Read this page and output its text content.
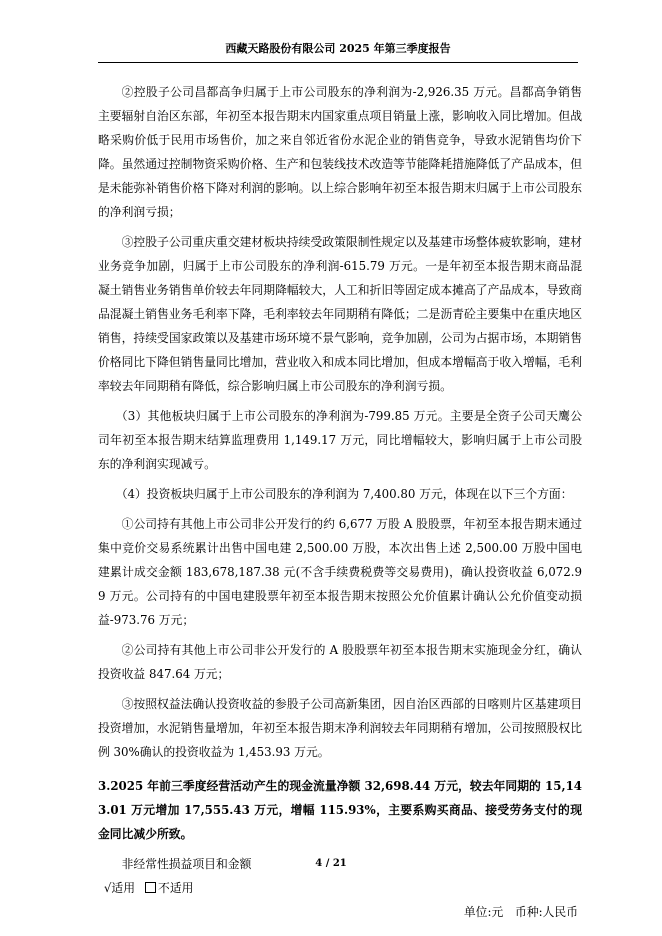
西藏天路股份有限公司 2025 年第三季度报告

②控股子公司昌都高争归属于上市公司股东的净利润为-2,926.35 万元。昌都高争销售主要辐射自治区东部，年初至本报告期末内国家重点项目销量上涨，影响收入同比增加。但战略采购价低于民用市场售价，加之来自邻近省份水泥企业的销售竞争，导致水泥销售均价下降。虽然通过控制物资采购价格、生产和包装线技术改造等节能降耗措施降低了产品成本，但是未能弥补销售价格下降对利润的影响。以上综合影响年初至本报告期末归属于上市公司股东的净利润亏损；

③控股子公司重庆重交建材板块持续受政策限制性规定以及基建市场整体疲软影响，建材业务竞争加剧，归属于上市公司股东的净利润-615.79 万元。一是年初至本报告期末商品混凝土销售业务销售单价较去年同期降幅较大，人工和折旧等固定成本摊高了产品成本，导致商品混凝土销售业务毛利率下降，毛利率较去年同期稍有降低；二是沥青砼主要集中在重庆地区销售，持续受国家政策以及基建市场环境不景气影响，竞争加剧，公司为占据市场，本期销售价格同比下降但销售量同比增加，营业收入和成本同比增加，但成本增幅高于收入增幅，毛利率较去年同期稍有降低，综合影响归属上市公司股东的净利润亏损。

（3）其他板块归属于上市公司股东的净利润为-799.85 万元。主要是全资子公司天鹰公司年初至本报告期末结算监理费用 1,149.17 万元，同比增幅较大，影响归属于上市公司股东的净利润实现减亏。

（4）投资板块归属于上市公司股东的净利润为 7,400.80 万元，体现在以下三个方面：

①公司持有其他上市公司非公开发行的约 6,677 万股 A 股股票，年初至本报告期末通过集中竞价交易系统累计出售中国电建 2,500.00 万股，本次出售上述 2,500.00 万股中国电建累计成交金额 183,678,187.38 元(不含手续费税费等交易费用)，确认投资收益 6,072.99 万元。公司持有的中国电建股票年初至本报告期末按照公允价值累计确认公允价值变动损益-973.76 万元；

②公司持有其他上市公司非公开发行的 A 股股票年初至本报告期末实施现金分红，确认投资收益 847.64 万元；

③按照权益法确认投资收益的参股子公司高新集团，因自治区西部的日喀则片区基建项目投资增加，水泥销售量增加，年初至本报告期末净利润较去年同期稍有增加，公司按照股权比例 30%确认的投资收益为 1,453.93 万元。

3.2025 年前三季度经营活动产生的现金流量净额 32,698.44 万元，较去年同期的 15,143.01 万元增加 17,555.43 万元，增幅 115.93%，主要系购买商品、接受劳务支付的现金同比减少所致。

非经常性损益项目和金额
√适用 不适用
单位:元　币种:人民币
4 / 21
